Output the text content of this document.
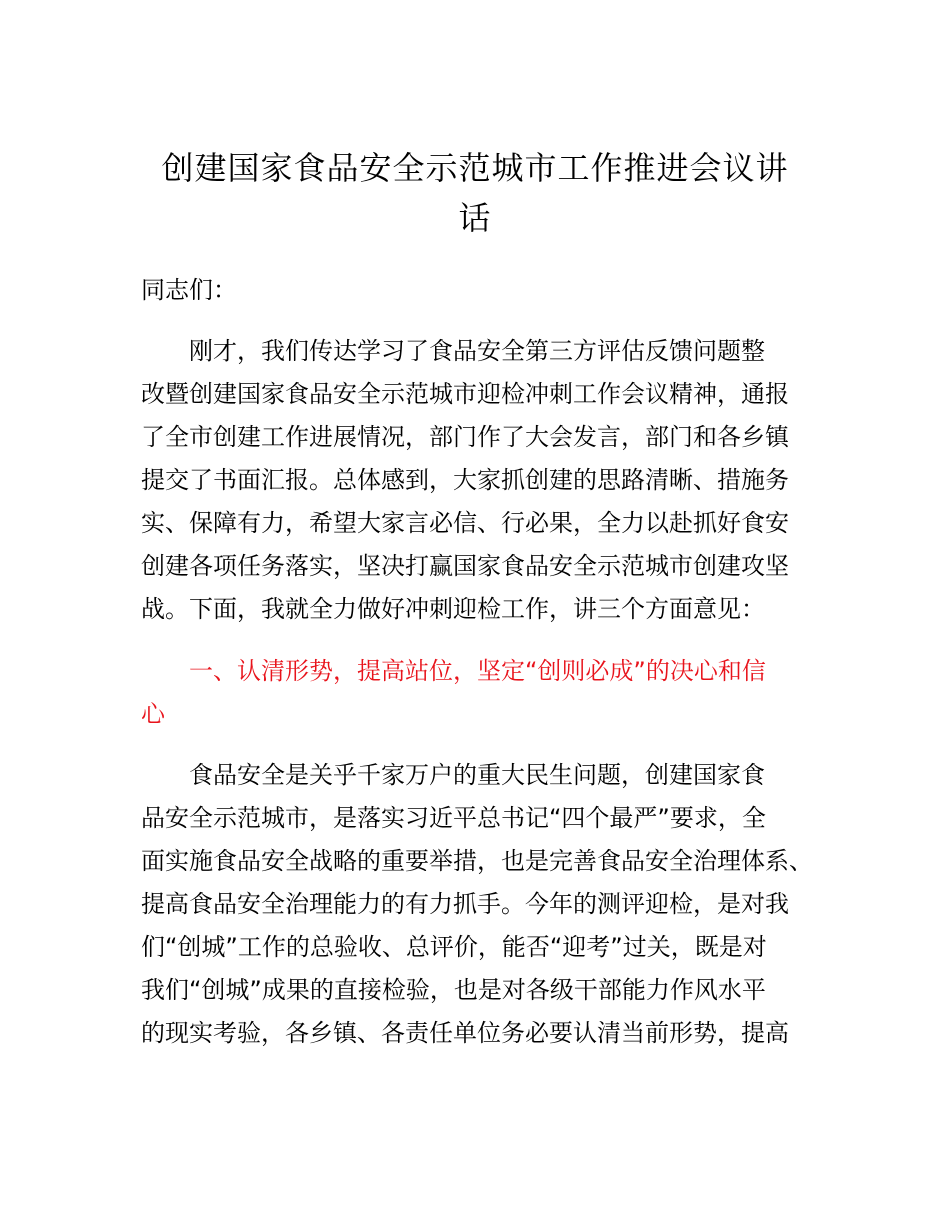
创建国家食品安全示范城市工作推进会议讲
话
同志们：
刚才，我们传达学习了食品安全第三方评估反馈问题整
改暨创建国家食品安全示范城市迎检冲刺工作会议精神，通报
了全市创建工作进展情况，部门作了大会发言，部门和各乡镇
提交了书面汇报。总体感到，大家抓创建的思路清晰、措施务
实、保障有力，希望大家言必信、行必果，全力以赴抓好食安
创建各项任务落实，坚决打赢国家食品安全示范城市创建攻坚
战。下面，我就全力做好冲刺迎检工作，讲三个方面意见：
一、认清形势，提高站位，坚定“创则必成”的决心和信
心
食品安全是关乎千家万户的重大民生问题，创建国家食
品安全示范城市，是落实习近平总书记“四个最严”要求，全
面实施食品安全战略的重要举措，也是完善食品安全治理体系、
提高食品安全治理能力的有力抓手。今年的测评迎检，是对我
们“创城”工作的总验收、总评价，能否“迎考”过关，既是对
我们“创城”成果的直接检验，也是对各级干部能力作风水平
的现实考验，各乡镇、各责任单位务必要认清当前形势，提高
